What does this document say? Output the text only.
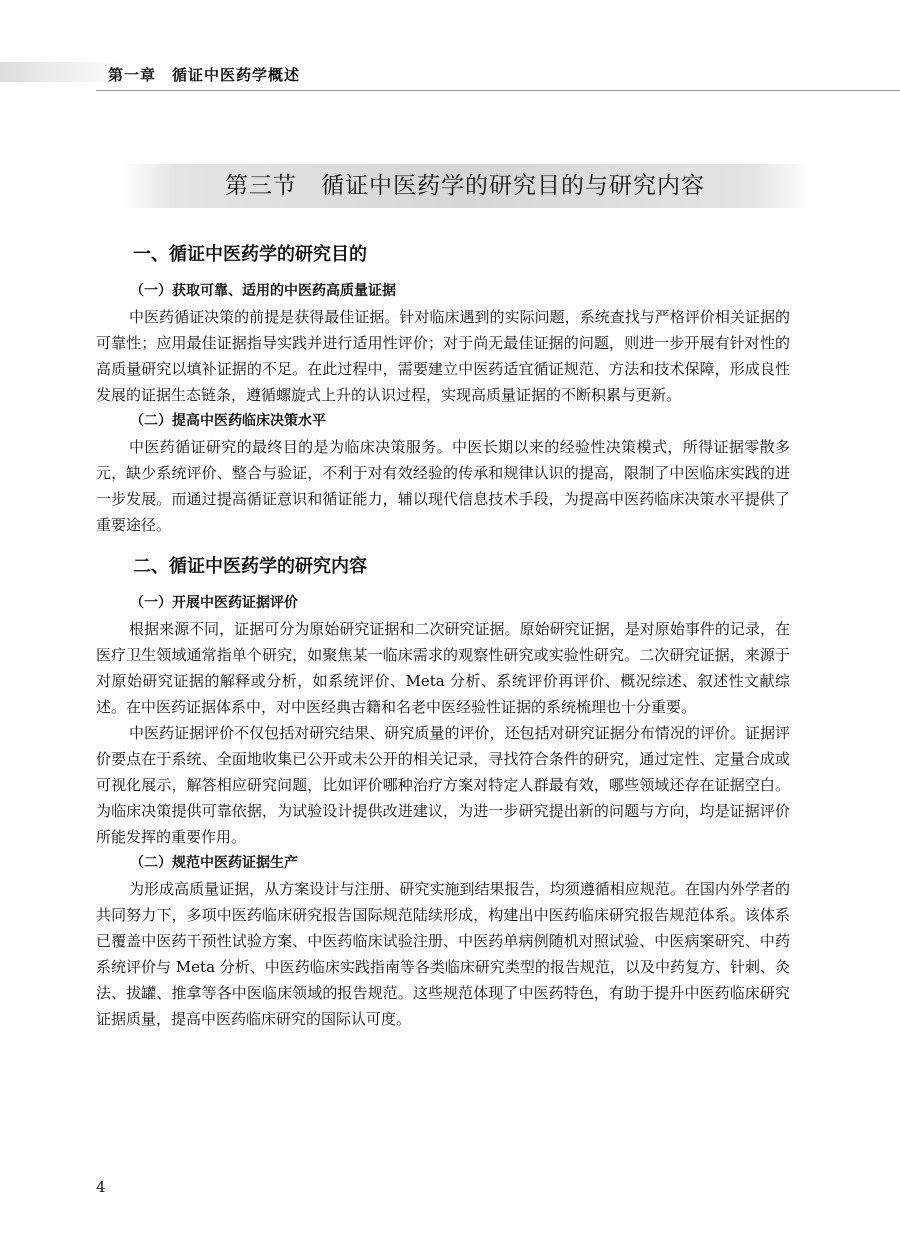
第一章　循证中医药学概述
第三节　循证中医药学的研究目的与研究内容
一、循证中医药学的研究目的
（一）获取可靠、适用的中医药高质量证据

中医药循证决策的前提是获得最佳证据。针对临床遇到的实际问题，系统查找与严格评价相关证据的可靠性；应用最佳证据指导实践并进行适用性评价；对于尚无最佳证据的问题，则进一步开展有针对性的高质量研究以填补证据的不足。在此过程中，需要建立中医药适宜循证规范、方法和技术保障，形成良性发展的证据生态链条，遵循螺旋式上升的认识过程，实现高质量证据的不断积累与更新。

（二）提高中医药临床决策水平

中医药循证研究的最终目的是为临床决策服务。中医长期以来的经验性决策模式，所得证据零散多元，缺少系统评价、整合与验证，不利于对有效经验的传承和规律认识的提高，限制了中医临床实践的进一步发展。而通过提高循证意识和循证能力，辅以现代信息技术手段，为提高中医药临床决策水平提供了重要途径。

二、循证中医药学的研究内容
（一）开展中医药证据评价

根据来源不同，证据可分为原始研究证据和二次研究证据。原始研究证据，是对原始事件的记录，在医疗卫生领域通常指单个研究，如聚焦某一临床需求的观察性研究或实验性研究。二次研究证据，来源于对原始研究证据的解释或分析，如系统评价、Meta 分析、系统评价再评价、概况综述、叙述性文献综述。在中医药证据体系中，对中医经典古籍和名老中医经验性证据的系统梳理也十分重要。

中医药证据评价不仅包括对研究结果、研究质量的评价，还包括对研究证据分布情况的评价。证据评价要点在于系统、全面地收集已公开或未公开的相关记录，寻找符合条件的研究，通过定性、定量合成或可视化展示，解答相应研究问题，比如评价哪种治疗方案对特定人群最有效，哪些领域还存在证据空白。为临床决策提供可靠依据，为试验设计提供改进建议，为进一步研究提出新的问题与方向，均是证据评价所能发挥的重要作用。

（二）规范中医药证据生产

为形成高质量证据，从方案设计与注册、研究实施到结果报告，均须遵循相应规范。在国内外学者的共同努力下，多项中医药临床研究报告国际规范陆续形成，构建出中医药临床研究报告规范体系。该体系已覆盖中医药干预性试验方案、中医药临床试验注册、中医药单病例随机对照试验、中医病案研究、中药系统评价与 Meta 分析、中医药临床实践指南等各类临床研究类型的报告规范，以及中药复方、针刺、灸法、拔罐、推拿等各中医临床领域的报告规范。这些规范体现了中医药特色，有助于提升中医药临床研究证据质量，提高中医药临床研究的国际认可度。

4
